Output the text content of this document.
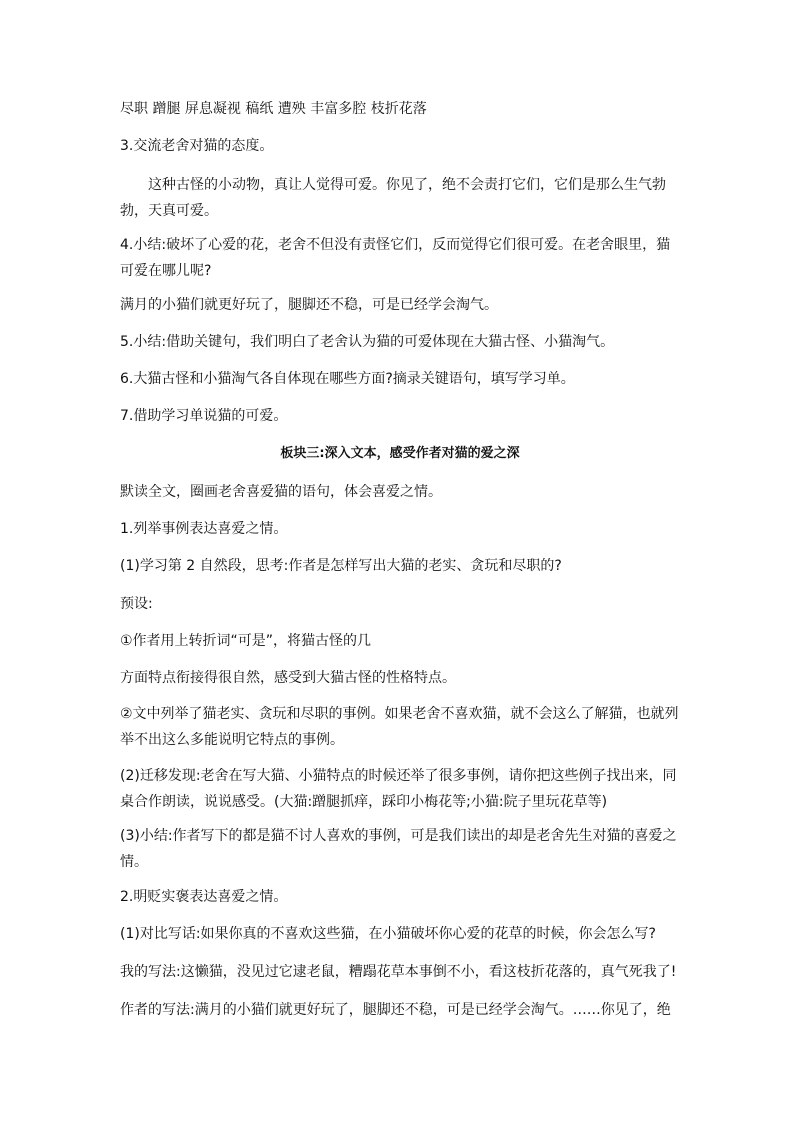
尽职 蹭腿 屏息凝视 稿纸 遭殃 丰富多腔 枝折花落
3.交流老舍对猫的态度。
这种古怪的小动物，真让人觉得可爱。你见了，绝不会责打它们，它们是那么生气勃勃，天真可爱。
4.小结:破坏了心爱的花，老舍不但没有责怪它们，反而觉得它们很可爱。在老舍眼里，猫可爱在哪儿呢?
满月的小猫们就更好玩了，腿脚还不稳，可是已经学会淘气。
5.小结:借助关键句，我们明白了老舍认为猫的可爱体现在大猫古怪、小猫淘气。
6.大猫古怪和小猫淘气各自体现在哪些方面?摘录关键语句，填写学习单。
7.借助学习单说猫的可爱。
板块三:深入文本，感受作者对猫的爱之深
默读全文，圈画老舍喜爱猫的语句，体会喜爱之情。
1.列举事例表达喜爱之情。
(1)学习第 2 自然段，思考:作者是怎样写出大猫的老实、贪玩和尽职的?
预设:
①作者用上转折词“可是”，将猫古怪的几
方面特点衔接得很自然，感受到大猫古怪的性格特点。
②文中列举了猫老实、贪玩和尽职的事例。如果老舍不喜欢猫，就不会这么了解猫，也就列举不出这么多能说明它特点的事例。
(2)迁移发现:老舍在写大猫、小猫特点的时候还举了很多事例，请你把这些例子找出来，同桌合作朗读，说说感受。(大猫:蹭腿抓痒，踩印小梅花等;小猫:院子里玩花草等)
(3)小结:作者写下的都是猫不讨人喜欢的事例，可是我们读出的却是老舍先生对猫的喜爱之情。
2.明贬实褒表达喜爱之情。
(1)对比写话:如果你真的不喜欢这些猫，在小猫破坏你心爱的花草的时候，你会怎么写?
我的写法:这懒猫，没见过它逮老鼠，糟蹋花草本事倒不小，看这枝折花落的，真气死我了!
作者的写法:满月的小猫们就更好玩了，腿脚还不稳，可是已经学会淘气。……你见了，绝
